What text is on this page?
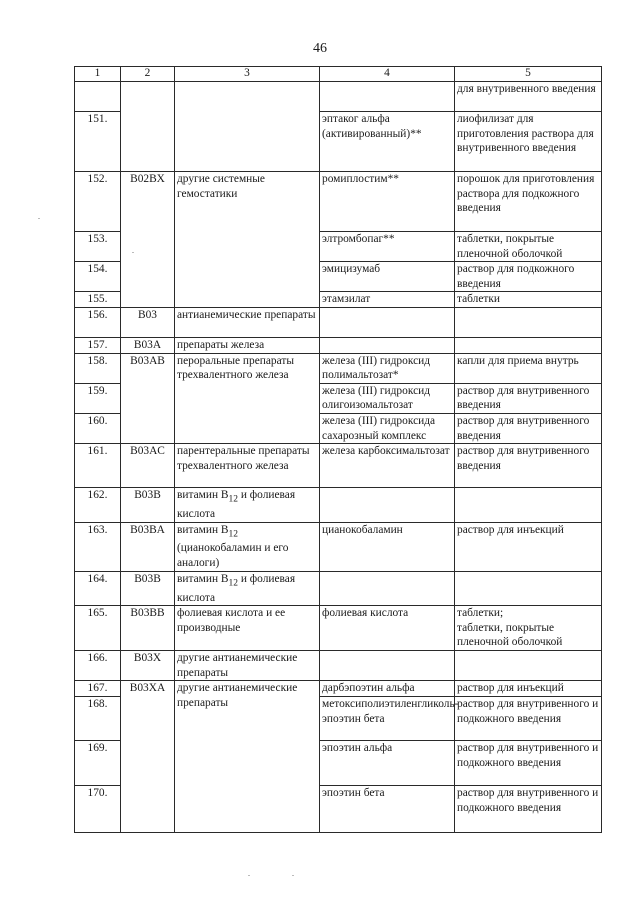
46
1	2	3	4	5
				для внутривенного введения
151.			эптаког альфа (активированный)**	лиофилизат для приготовления раствора для внутривенного введения
152.	B02BX	другие системные гемостатики	ромиплостим**	порошок для приготовления раствора для подкожного введения
153.			элтромбопаг**	таблетки, покрытые пленочной оболочкой
154.			эмицизумаб	раствор для подкожного введения
155.			этамзилат	таблетки
156.	B03	антианемические препараты		
157.	B03A	препараты железа		
158.	B03AB	пероральные препараты трехвалентного железа	железа (III) гидроксид полимальтозат*	капли для приема внутрь
159.			железа (III) гидроксид олигоизомальтозат	раствор для внутривенного введения
160.			железа (III) гидроксида сахарозный комплекс	раствор для внутривенного введения
161.	B03AC	парентеральные препараты трехвалентного железа	железа карбоксимальтозат	раствор для внутривенного введения
162.	B03B	витамин $B_{12}$ и фолиевая кислота		
163.	B03BA	витамин $B_{12}$ (цианокобаламин и его аналоги)	цианокобаламин	раствор для инъекций
164.	B03B	витамин $B_{12}$ и фолиевая кислота		
165.	B03BB	фолиевая кислота и ее производные	фолиевая кислота	таблетки;
таблетки, покрытые пленочной оболочкой

166.	B03X	другие антианемические препараты		
167.	B03XA	другие антианемические препараты	дарбэпоэтин альфа	раствор для инъекций
168.			метоксиполиэтиленгликоль-эпоэтин бета	раствор для внутривенного и подкожного введения
169.			эпоэтин альфа	раствор для внутривенного и подкожного введения
170.			эпоэтин бета	раствор для внутривенного и подкожного введения
